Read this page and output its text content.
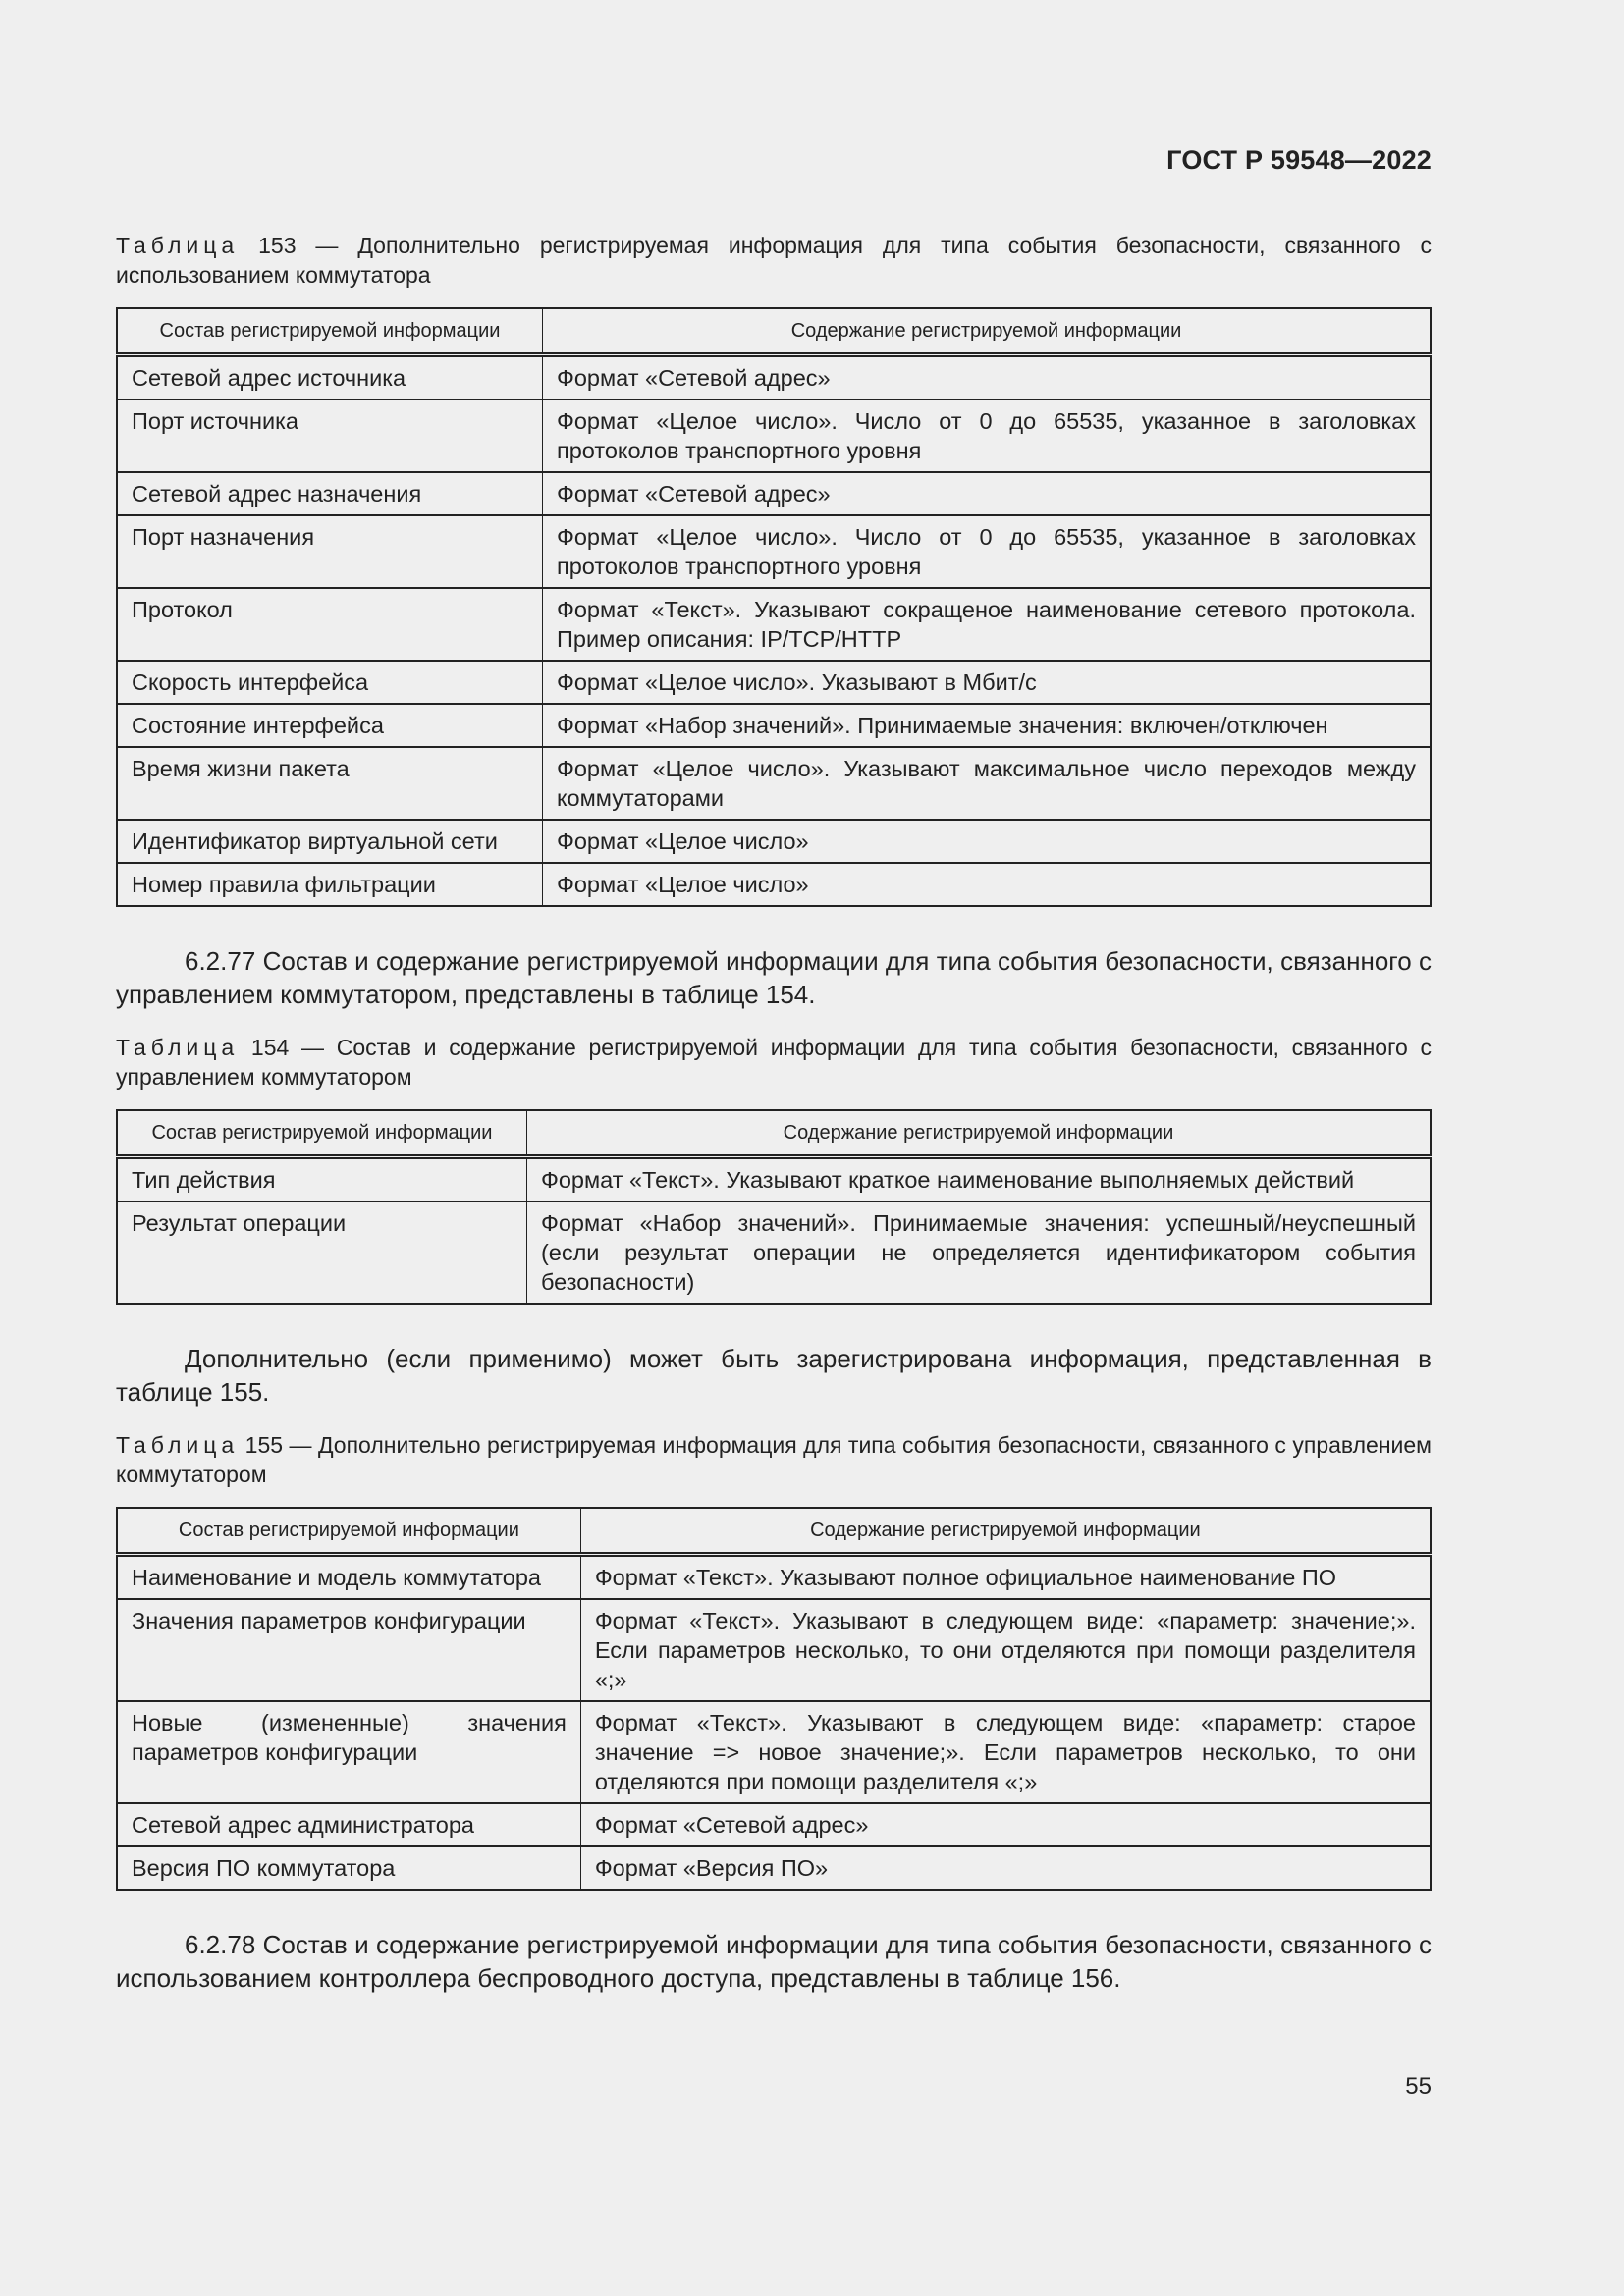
ГОСТ Р 59548—2022
Таблица 153 — Дополнительно регистрируемая информация для типа события безопасности, связанного с использованием коммутатора
Состав регистрируемой информации	Содержание регистрируемой информации
Сетевой адрес источника	Формат «Сетевой адрес»
Порт источника	Формат «Целое число». Число от 0 до 65535, указанное в заголовках протоколов транспортного уровня
Сетевой адрес назначения	Формат «Сетевой адрес»
Порт назначения	Формат «Целое число». Число от 0 до 65535, указанное в заголовках протоколов транспортного уровня
Протокол	Формат «Текст». Указывают сокращеное наименование сетевого протокола. Пример описания: IP/TCP/HTTP
Скорость интерфейса	Формат «Целое число». Указывают в Мбит/с
Состояние интерфейса	Формат «Набор значений». Принимаемые значения: включен/отключен
Время жизни пакета	Формат «Целое число». Указывают максимальное число переходов между коммутаторами
Идентификатор виртуальной сети	Формат «Целое число»
Номер правила фильтрации	Формат «Целое число»
6.2.77 Состав и содержание регистрируемой информации для типа события безопасности, связанного с управлением коммутатором, представлены в таблице 154.
Таблица 154 — Состав и содержание регистрируемой информации для типа события безопасности, связанного с управлением коммутатором
Состав регистрируемой информации	Содержание регистрируемой информации
Тип действия	Формат «Текст». Указывают краткое наименование выполняемых действий
Результат операции	Формат «Набор значений». Принимаемые значения: успешный/неуспешный (если результат операции не определяется идентификатором события безопасности)
Дополнительно (если применимо) может быть зарегистрирована информация, представленная в таблице 155.
Таблица 155 — Дополнительно регистрируемая информация для типа события безопасности, связанного с управлением коммутатором
Состав регистрируемой информации	Содержание регистрируемой информации
Наименование и модель коммутатора	Формат «Текст». Указывают полное официальное наименование ПО
Значения параметров конфигурации	Формат «Текст». Указывают в следующем виде: «параметр: значение;». Если параметров несколько, то они отделяются при помощи разделителя «;»
Новые (измененные) значения параметров конфигурации	Формат «Текст». Указывают в следующем виде: «параметр: старое значение => новое значение;». Если параметров несколько, то они отделяются при помощи разделителя «;»
Сетевой адрес администратора	Формат «Сетевой адрес»
Версия ПО коммутатора	Формат «Версия ПО»
6.2.78 Состав и содержание регистрируемой информации для типа события безопасности, связанного с использованием контроллера беспроводного доступа, представлены в таблице 156.
55
